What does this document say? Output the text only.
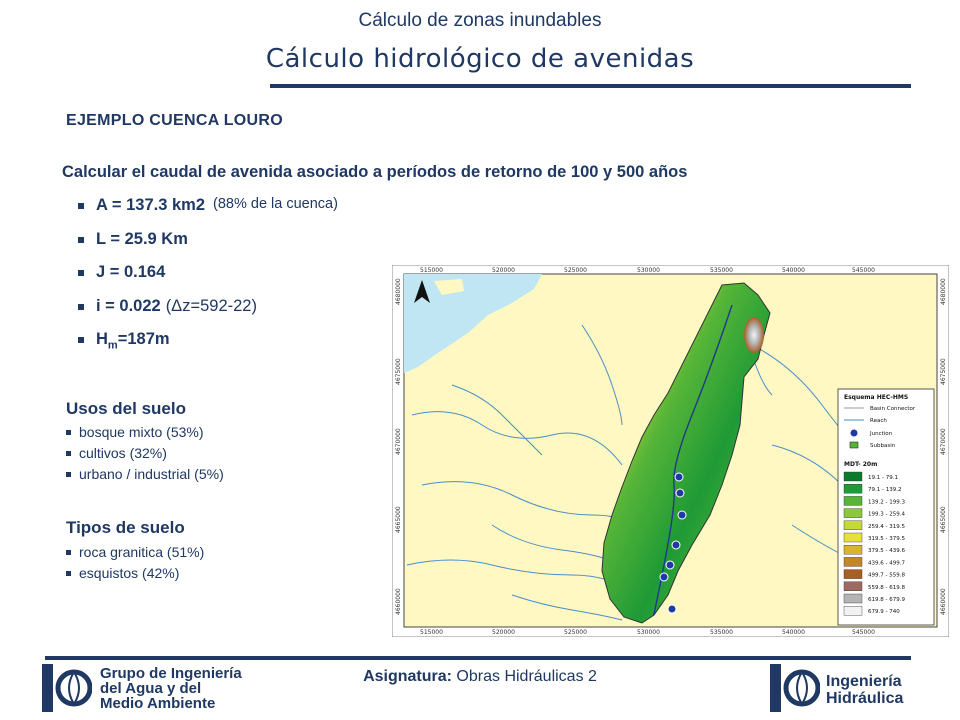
Cálculo de zonas inundables
Cálculo hidrológico de avenidas
EJEMPLO CUENCA LOURO
Calcular el caudal de avenida asociado a períodos de retorno de 100 y 500 años
A = 137.3 km2 (88% de la cuenca)
L = 25.9 Km
J = 0.164
i = 0.022 (Δz=592-22)
$H_m=187m$
Usos del suelo
bosque mixto (53%)
cultivos (32%)
urbano / industrial (5%)
Tipos de suelo
roca granitica (51%)
esquistos (42%)
515000	520000	525000	530000	535000	540000	545000
515000	520000	525000	530000	535000	540000	545000
4680000
4675000
4670000
4665000
4660000
4680000
4675000
4670000
4665000
4660000
Esquema HEC-HMS
Basin Connector
Reach
Junction
Subbasin
MDT- 20m
19.1 - 79.1
79.1 - 139.2
139.2 - 199.3
199.3 - 259.4
259.4 - 319.5
319.5 - 379.5
379.5 - 439.6
439.6 - 499.7
499.7 - 559.8
559.8 - 619.8
619.8 - 679.9
679.9 - 740
Asignatura: Obras Hidráulicas 2
Grupo de Ingeniería
del Agua y del
Medio Ambiente
Ingeniería
Hidráulica
